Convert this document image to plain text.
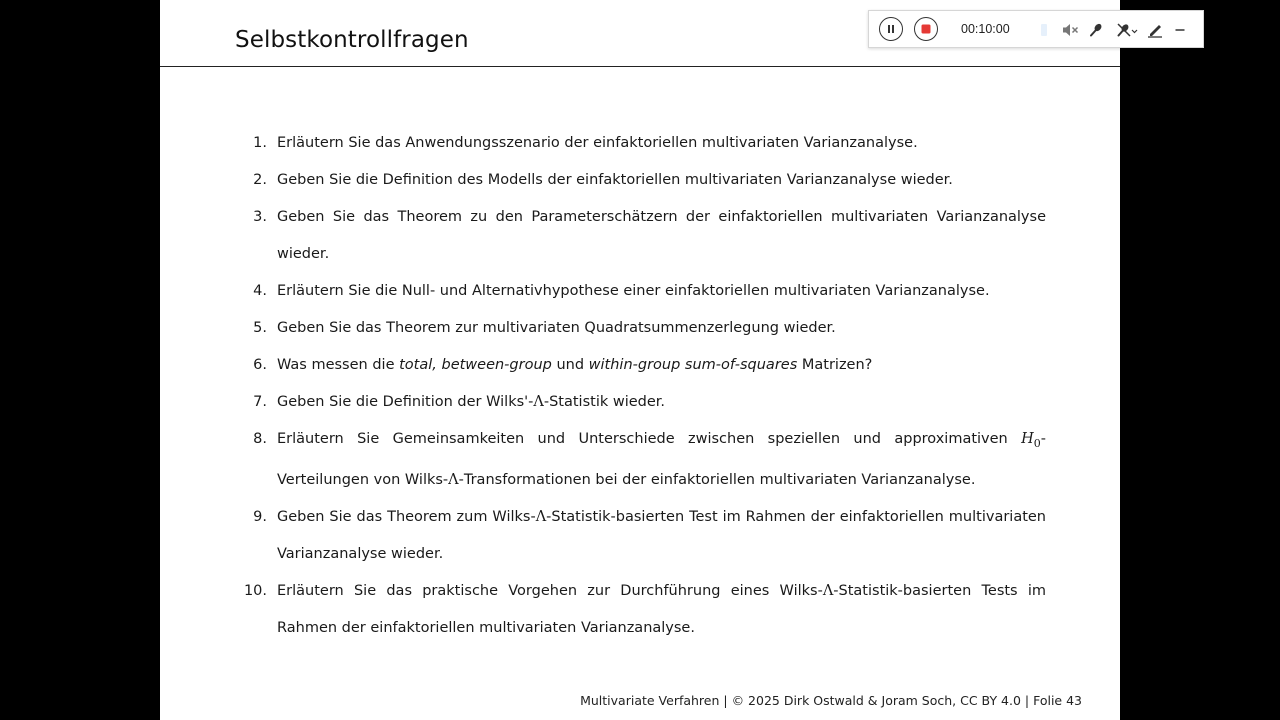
Selbstkontrollfragen
1. Erläutern Sie das Anwendungsszenario der einfaktoriellen multivariaten Varianzanalyse.
2. Geben Sie die Definition des Modells der einfaktoriellen multivariaten Varianzanalyse wieder.
3. Geben Sie das Theorem zu den Parameterschätzern der einfaktoriellen multivariaten Varianzanalyse wieder.
4. Erläutern Sie die Null- und Alternativhypothese einer einfaktoriellen multivariaten Varianzanalyse.
5. Geben Sie das Theorem zur multivariaten Quadratsummenzerlegung wieder.
6. Was messen die total, between-group und within-group sum-of-squares Matrizen?
7. Geben Sie die Definition der Wilks'-Λ-Statistik wieder.
8. Erläutern Sie Gemeinsamkeiten und Unterschiede zwischen speziellen und approximativen $H_0$-Verteilungen von Wilks-Λ-Transformationen bei der einfaktoriellen multivariaten Varianzanalyse.
9. Geben Sie das Theorem zum Wilks-Λ-Statistik-basierten Test im Rahmen der einfaktoriellen multivariaten Varianzanalyse wieder.
10. Erläutern Sie das praktische Vorgehen zur Durchführung eines Wilks-Λ-Statistik-basierten Tests im Rahmen der einfaktoriellen multivariaten Varianzanalyse.
Multivariate Verfahren | © 2025 Dirk Ostwald & Joram Soch, CC BY 4.0 | Folie 43
00:10:00
